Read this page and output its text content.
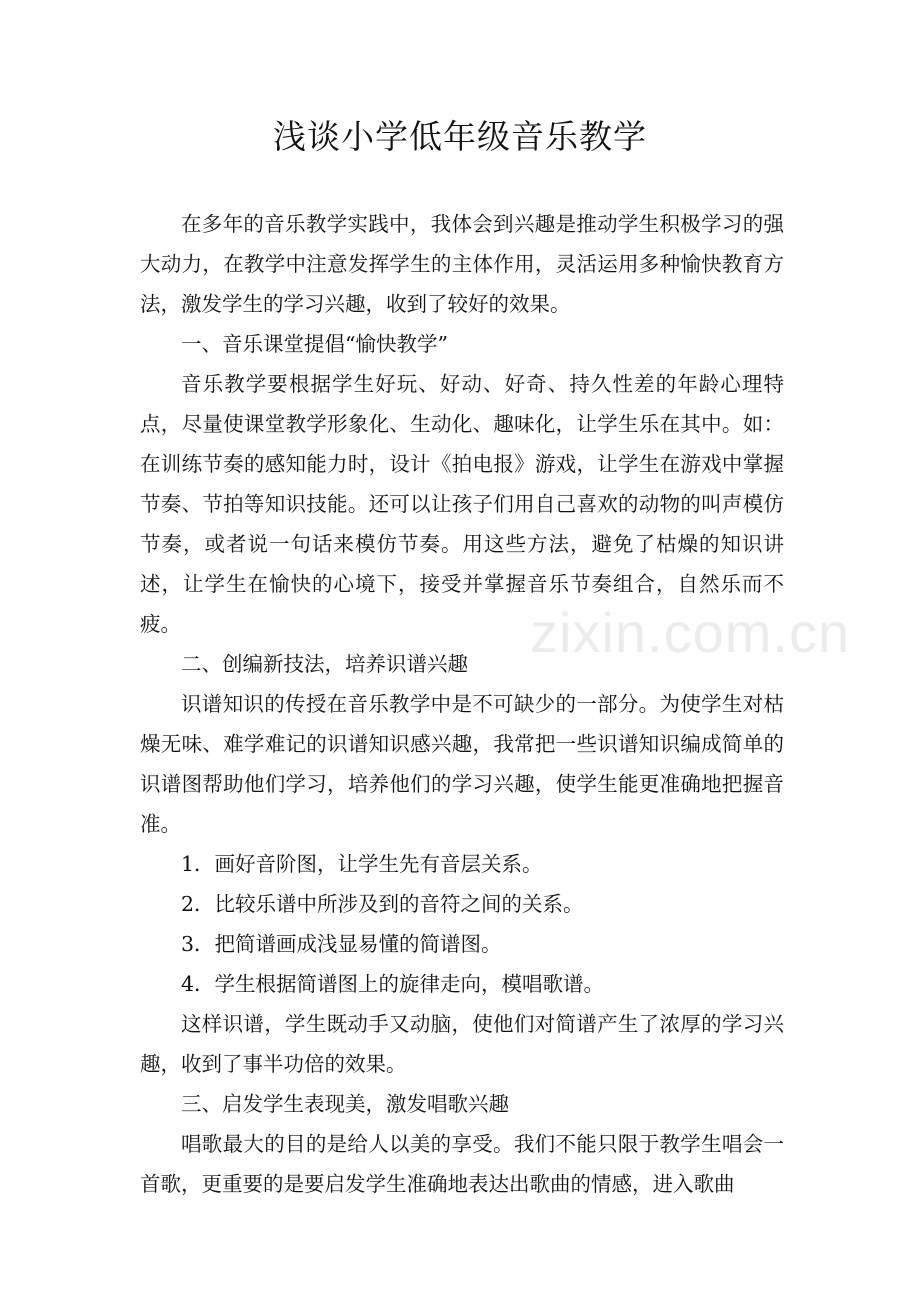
浅谈小学低年级音乐教学
zixin.com.cn

在多年的音乐教学实践中，我体会到兴趣是推动学生积极学习的强大动力，在教学中注意发挥学生的主体作用，灵活运用多种愉快教育方法，激发学生的学习兴趣，收到了较好的效果。

一、音乐课堂提倡“愉快教学”

音乐教学要根据学生好玩、好动、好奇、持久性差的年龄心理特点，尽量使课堂教学形象化、生动化、趣味化，让学生乐在其中。如：在训练节奏的感知能力时，设计《拍电报》游戏，让学生在游戏中掌握节奏、节拍等知识技能。还可以让孩子们用自己喜欢的动物的叫声模仿节奏，或者说一句话来模仿节奏。用这些方法，避免了枯燥的知识讲述，让学生在愉快的心境下，接受并掌握音乐节奏组合，自然乐而不疲。

二、创编新技法，培养识谱兴趣

识谱知识的传授在音乐教学中是不可缺少的一部分。为使学生对枯燥无味、难学难记的识谱知识感兴趣，我常把一些识谱知识编成简单的识谱图帮助他们学习，培养他们的学习兴趣，使学生能更准确地把握音准。

1．画好音阶图，让学生先有音层关系。

2．比较乐谱中所涉及到的音符之间的关系。

3．把简谱画成浅显易懂的简谱图。

4．学生根据简谱图上的旋律走向，模唱歌谱。

这样识谱，学生既动手又动脑，使他们对简谱产生了浓厚的学习兴趣，收到了事半功倍的效果。

三、启发学生表现美，激发唱歌兴趣

唱歌最大的目的是给人以美的享受。我们不能只限于教学生唱会一首歌，更重要的是要启发学生准确地表达出歌曲的情感，进入歌曲
